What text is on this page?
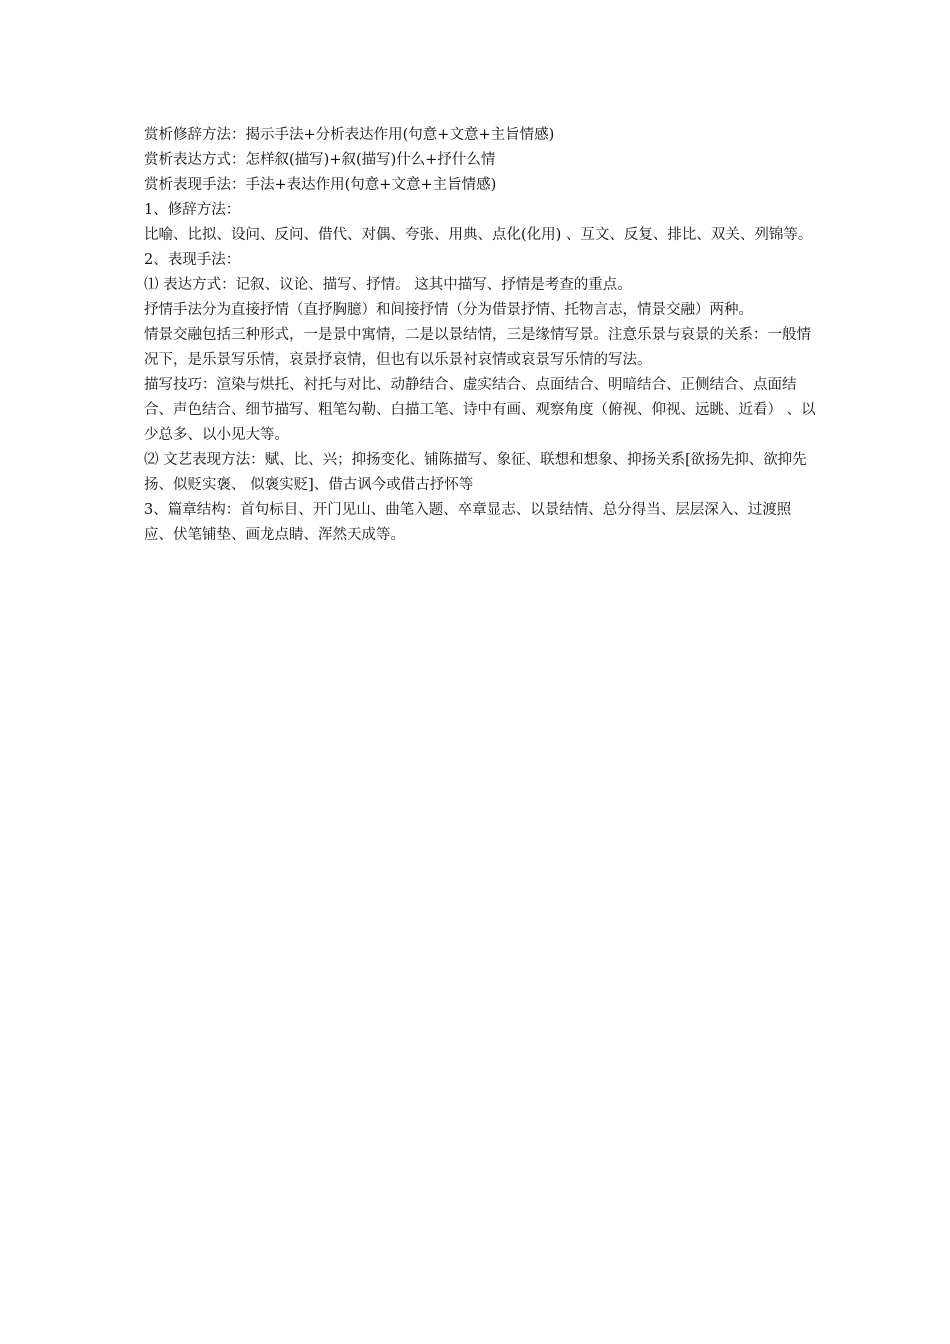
赏析修辞方法：揭示手法+分析表达作用(句意+文意+主旨情感)

赏析表达方式：怎样叙(描写)+叙(描写)什么+抒什么情

赏析表现手法：手法+表达作用(句意+文意+主旨情感)

1、修辞方法：

比喻、比拟、设问、反问、借代、对偶、夸张、用典、点化(化用) 、互文、反复、排比、双关、列锦等。

2、表现手法：

⑴ 表达方式：记叙、议论、描写、抒情。 这其中描写、抒情是考查的重点。

抒情手法分为直接抒情（直抒胸臆）和间接抒情（分为借景抒情、托物言志，情景交融）两种。

情景交融包括三种形式，一是景中寓情，二是以景结情，三是缘情写景。注意乐景与哀景的关系：一般情况下，是乐景写乐情，哀景抒哀情，但也有以乐景衬哀情或哀景写乐情的写法。

描写技巧：渲染与烘托、衬托与对比、动静结合、虚实结合、点面结合、明暗结合、正侧结合、点面结合、声色结合、细节描写、粗笔勾勒、白描工笔、诗中有画、观察角度（俯视、仰视、远眺、近看） 、以少总多、以小见大等。

⑵ 文艺表现方法：赋、比、兴；抑扬变化、铺陈描写、象征、联想和想象、抑扬关系[欲扬先抑、欲抑先扬、似贬实褒、 似褒实贬]、借古讽今或借古抒怀等

3、篇章结构：首句标目、开门见山、曲笔入题、卒章显志、以景结情、总分得当、层层深入、过渡照应、伏笔铺垫、画龙点睛、浑然天成等。
